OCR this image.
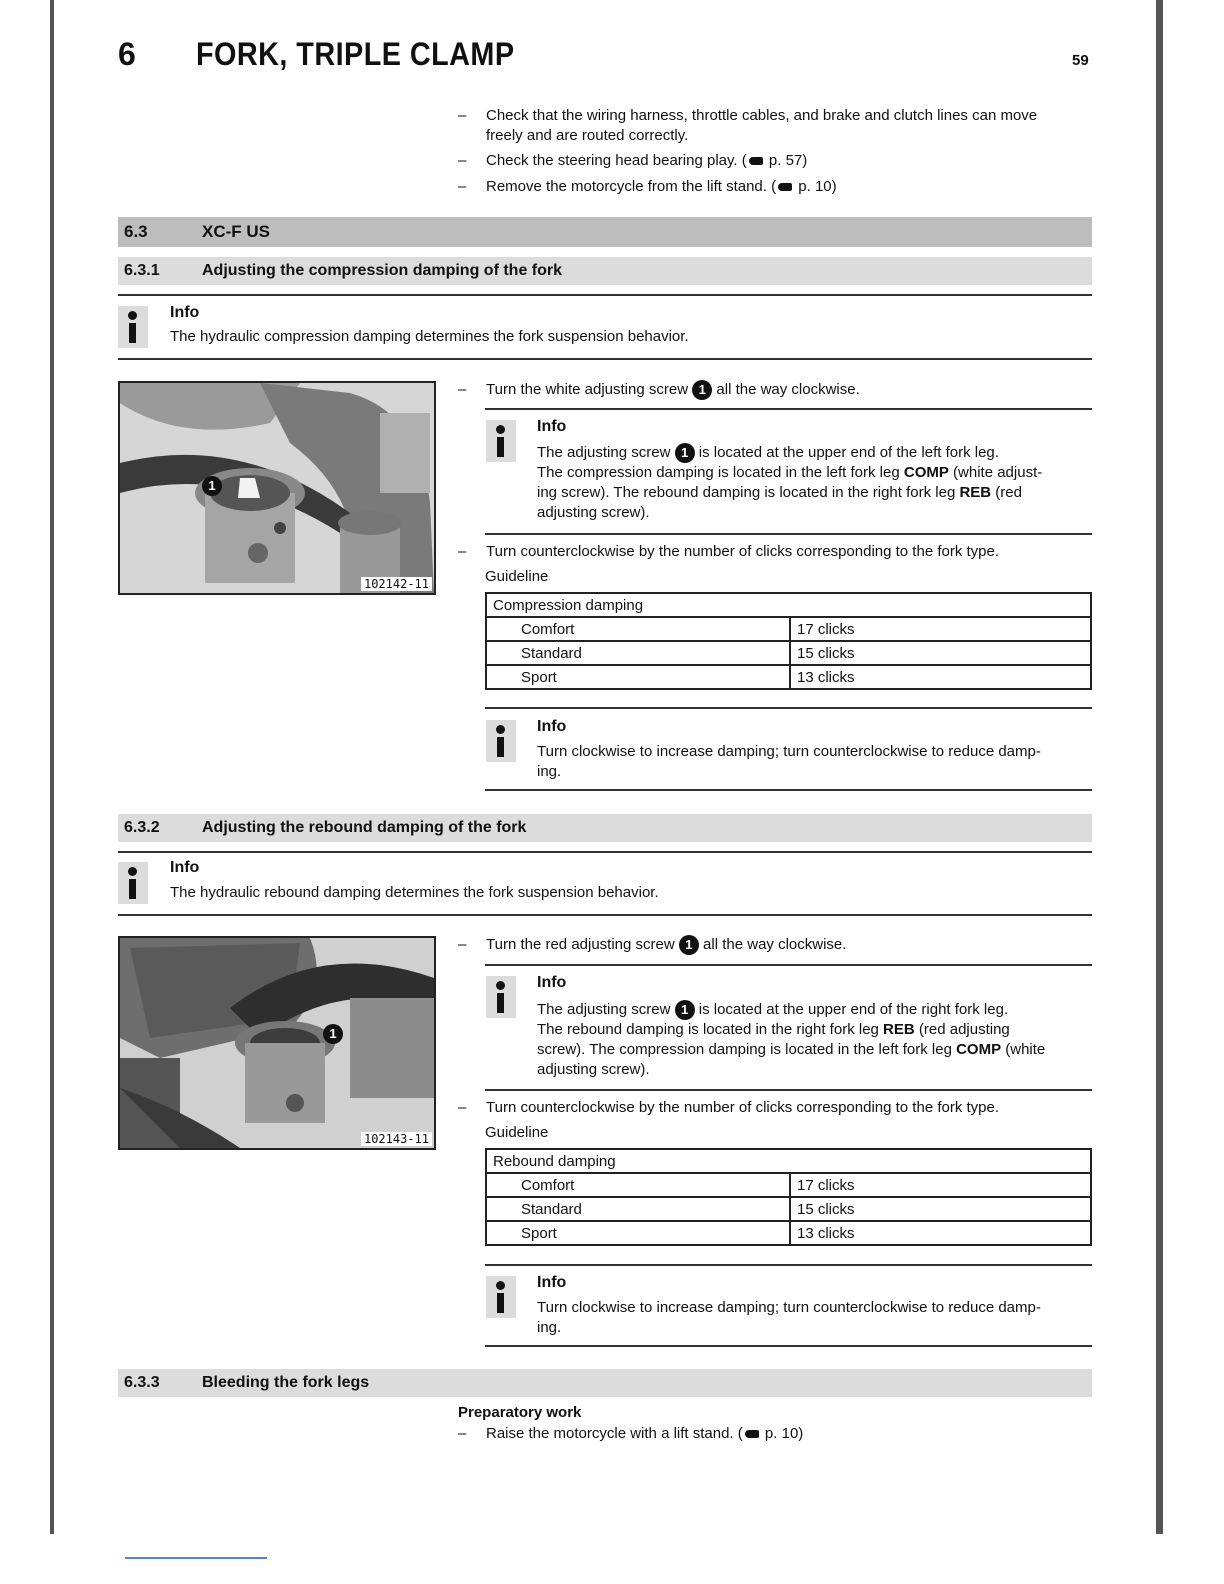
6 FORK, TRIPLE CLAMP	59
–	Check that the wiring harness, throttle cables, and brake and clutch lines can move
freely and are routed correctly.
–	Check the steering head bearing play. ( p. 57)
–	Remove the motorcycle from the lift stand. ( p. 10)
6.3	XC-F US
6.3.1	Adjusting the compression damping of the fork
Info
The hydraulic compression damping determines the fork suspension behavior.
1
102142-11
–	Turn the white adjusting screw 1 all the way clockwise.
Info
The adjusting screw 1 is located at the upper end of the left fork leg.
The compression damping is located in the left fork leg COMP (white adjust-
ing screw). The rebound damping is located in the right fork leg REB (red
adjusting screw).
–	Turn counterclockwise by the number of clicks corresponding to the fork type.
Guideline
Compression damping	
Comfort	17 clicks
Standard	15 clicks
Sport	13 clicks
Info
Turn clockwise to increase damping; turn counterclockwise to reduce damp-
ing.
6.3.2	Adjusting the rebound damping of the fork
Info
The hydraulic rebound damping determines the fork suspension behavior.
1
102143-11
–	Turn the red adjusting screw 1 all the way clockwise.
Info
The adjusting screw 1 is located at the upper end of the right fork leg.
The rebound damping is located in the right fork leg REB (red adjusting
screw). The compression damping is located in the left fork leg COMP (white
adjusting screw).
–	Turn counterclockwise by the number of clicks corresponding to the fork type.
Guideline
Rebound damping	
Comfort	17 clicks
Standard	15 clicks
Sport	13 clicks
Info
Turn clockwise to increase damping; turn counterclockwise to reduce damp-
ing.
6.3.3	Bleeding the fork legs
Preparatory work
–	Raise the motorcycle with a lift stand. ( p. 10)
